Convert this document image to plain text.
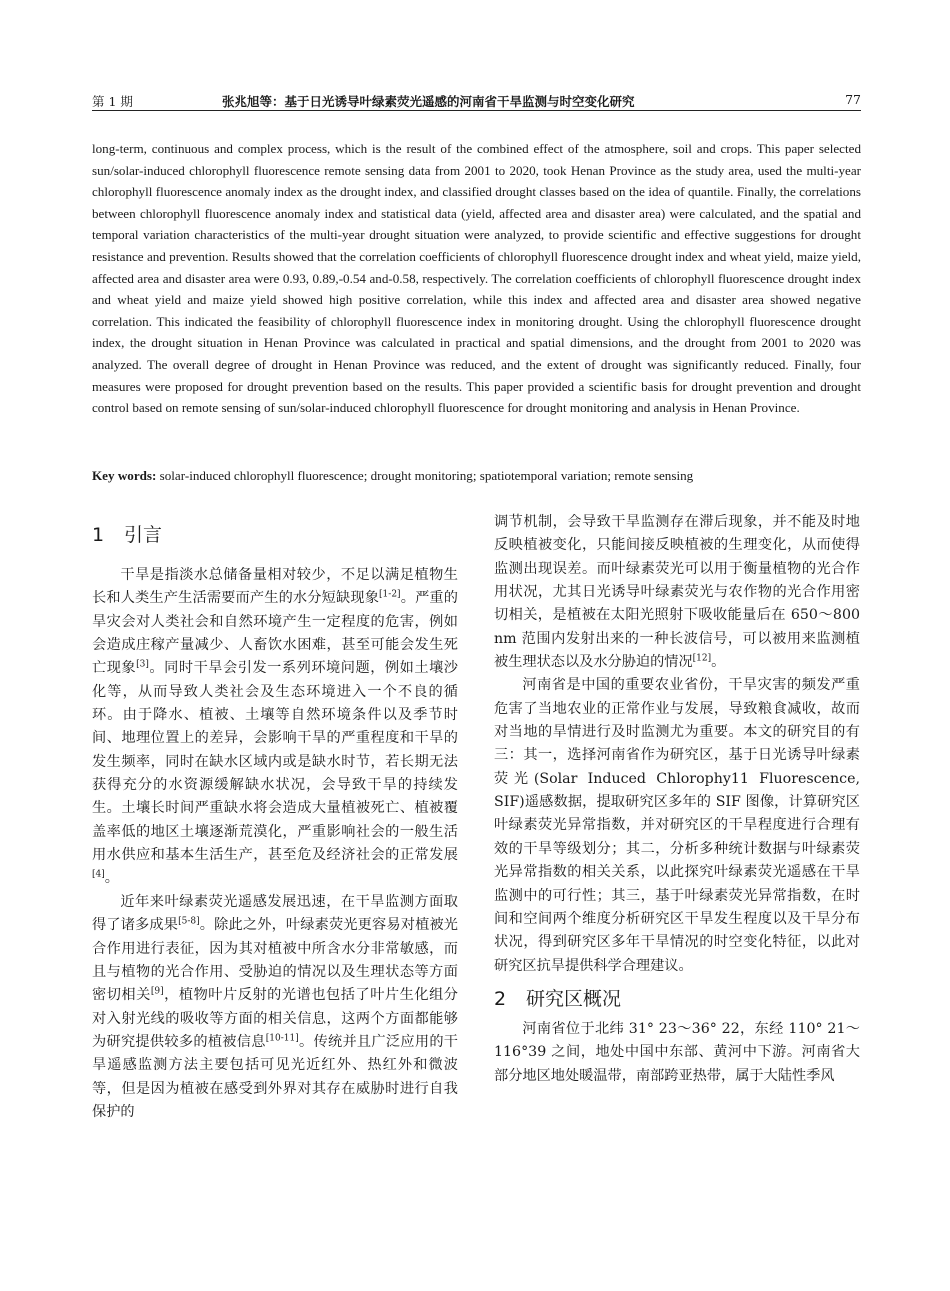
第 1 期	张兆旭等：基于日光诱导叶绿素荧光遥感的河南省干旱监测与时空变化研究	77

long-term, continuous and complex process, which is the result of the combined effect of the atmosphere, soil and crops. This paper selected sun/solar-induced chlorophyll fluorescence remote sensing data from 2001 to 2020, took Henan Province as the study area, used the multi-year chlorophyll fluorescence anomaly index as the drought index, and classified drought classes based on the idea of quantile. Finally, the correlations between chlorophyll fluorescence anomaly index and statistical data (yield, affected area and disaster area) were calculated, and the spatial and temporal variation characteristics of the multi-year drought situation were analyzed, to provide scientific and effective suggestions for drought resistance and prevention. Results showed that the correlation coefficients of chlorophyll fluorescence drought index and wheat yield, maize yield, affected area and disaster area were 0.93, 0.89,-0.54 and-0.58, respectively. The correlation coefficients of chlorophyll fluorescence drought index and wheat yield and maize yield showed high positive correlation, while this index and affected area and disaster area showed negative correlation. This indicated the feasibility of chlorophyll fluorescence index in monitoring drought. Using the chlorophyll fluorescence drought index, the drought situation in Henan Province was calculated in practical and spatial dimensions, and the drought from 2001 to 2020 was analyzed. The overall degree of drought in Henan Province was reduced, and the extent of drought was significantly reduced. Finally, four measures were proposed for drought prevention based on the results. This paper provided a scientific basis for drought prevention and drought control based on remote sensing of sun/solar-induced chlorophyll fluorescence for drought monitoring and analysis in Henan Province.

Key words: solar-induced chlorophyll fluorescence; drought monitoring; spatiotemporal variation; remote sensing
1 引言

干旱是指淡水总储备量相对较少，不足以满足植物生长和人类生产生活需要而产生的水分短缺现象[1-2]。严重的旱灾会对人类社会和自然环境产生一定程度的危害，例如会造成庄稼产量减少、人畜饮水困难，甚至可能会发生死亡现象[3]。同时干旱会引发一系列环境问题，例如土壤沙化等，从而导致人类社会及生态环境进入一个不良的循环。由于降水、植被、土壤等自然环境条件以及季节时间、地理位置上的差异，会影响干旱的严重程度和干旱的发生频率，同时在缺水区域内或是缺水时节，若长期无法获得充分的水资源缓解缺水状况，会导致干旱的持续发生。土壤长时间严重缺水将会造成大量植被死亡、植被覆盖率低的地区土壤逐渐荒漠化，严重影响社会的一般生活用水供应和基本生活生产，甚至危及经济社会的正常发展[4]。

近年来叶绿素荧光遥感发展迅速，在干旱监测方面取得了诸多成果[5-8]。除此之外，叶绿素荧光更容易对植被光合作用进行表征，因为其对植被中所含水分非常敏感，而且与植物的光合作用、受胁迫的情况以及生理状态等方面密切相关[9]，植物叶片反射的光谱也包括了叶片生化组分对入射光线的吸收等方面的相关信息，这两个方面都能够为研究提供较多的植被信息[10-11]。传统并且广泛应用的干旱遥感监测方法主要包括可见光近红外、热红外和微波等，但是因为植被在感受到外界对其存在威胁时进行自我保护的

调节机制，会导致干旱监测存在滞后现象，并不能及时地反映植被变化，只能间接反映植被的生理变化，从而使得监测出现误差。而叶绿素荧光可以用于衡量植物的光合作用状况，尤其日光诱导叶绿素荧光与农作物的光合作用密切相关，是植被在太阳光照射下吸收能量后在 650～800 nm 范围内发射出来的一种长波信号，可以被用来监测植被生理状态以及水分胁迫的情况[12]。

河南省是中国的重要农业省份，干旱灾害的频发严重危害了当地农业的正常作业与发展，导致粮食减收，故而对当地的旱情进行及时监测尤为重要。本文的研究目的有三：其一，选择河南省作为研究区，基于日光诱导叶绿素荧光(Solar Induced Chlorophy11 Fluorescence, SIF)遥感数据，提取研究区多年的 SIF 图像，计算研究区叶绿素荧光异常指数，并对研究区的干旱程度进行合理有效的干旱等级划分；其二，分析多种统计数据与叶绿素荧光异常指数的相关关系，以此探究叶绿素荧光遥感在干旱监测中的可行性；其三，基于叶绿素荧光异常指数，在时间和空间两个维度分析研究区干旱发生程度以及干旱分布状况，得到研究区多年干旱情况的时空变化特征，以此对研究区抗旱提供科学合理建议。

2 研究区概况

河南省位于北纬 31° 23～36° 22，东经 110° 21～116°39 之间，地处中国中东部、黄河中下游。河南省大部分地区地处暖温带，南部跨亚热带，属于大陆性季风
